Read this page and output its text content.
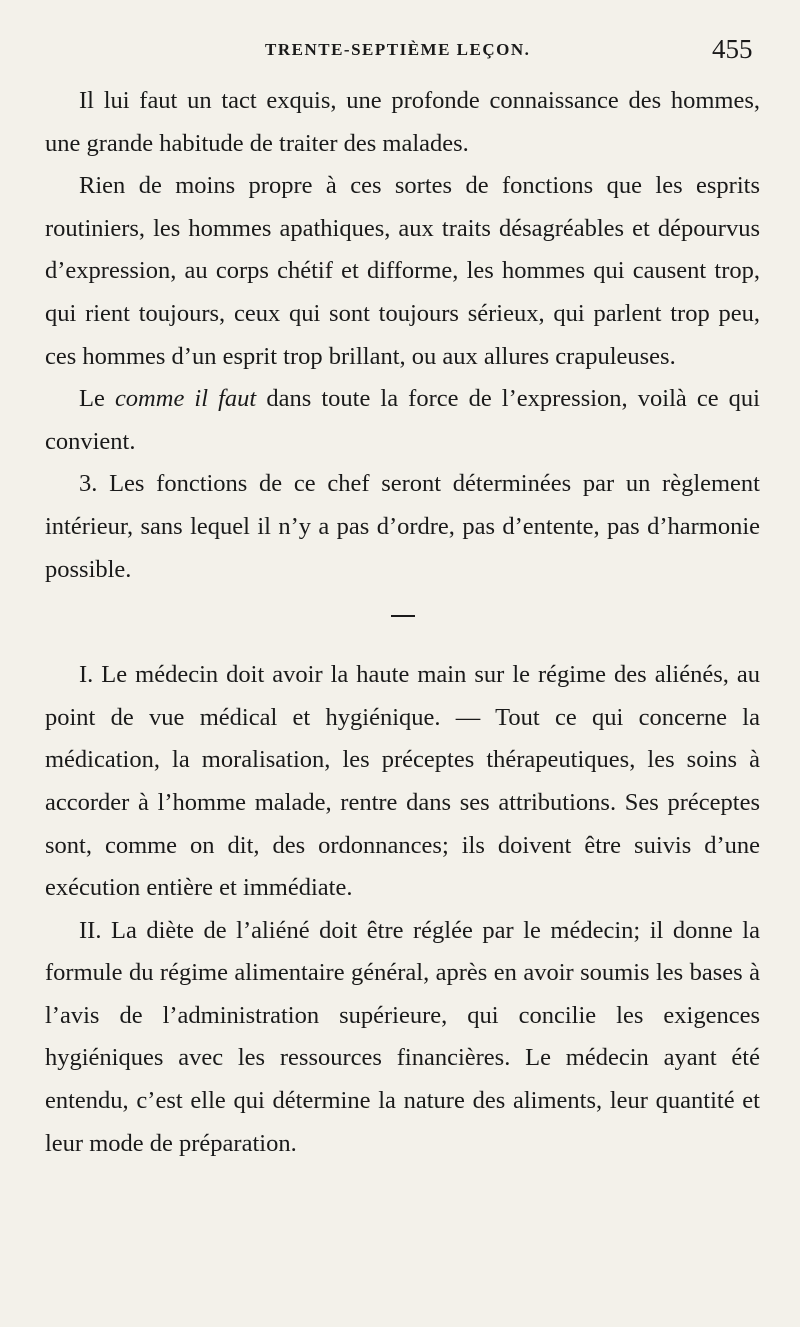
TRENTE-SEPTIÈME LEÇON.	455

Il lui faut un tact exquis, une profonde connaissance des hommes, une grande habitude de traiter des malades.

Rien de moins propre à ces sortes de fonctions que les esprits routiniers, les hommes apathiques, aux traits désagréables et dépourvus d’expression, au corps chétif et difforme, les hommes qui causent trop, qui rient toujours, ceux qui sont toujours sérieux, qui parlent trop peu, ces hommes d’un esprit trop brillant, ou aux allures crapuleuses.

Le comme il faut dans toute la force de l’expression, voilà ce qui convient.

3. Les fonctions de ce chef seront déterminées par un règlement intérieur, sans lequel il n’y a pas d’ordre, pas d’entente, pas d’harmonie possible.

I. Le médecin doit avoir la haute main sur le régime des aliénés, au point de vue médical et hygiénique. — Tout ce qui concerne la médication, la moralisation, les préceptes thérapeutiques, les soins à accorder à l’homme malade, rentre dans ses attributions. Ses préceptes sont, comme on dit, des ordonnances; ils doivent être suivis d’une exécution entière et immédiate.

II. La diète de l’aliéné doit être réglée par le médecin; il donne la formule du régime alimentaire général, après en avoir soumis les bases à l’avis de l’administration supérieure, qui concilie les exigences hygiéniques avec les ressources financières. Le médecin ayant été entendu, c’est elle qui détermine la nature des aliments, leur quantité et leur mode de préparation.
